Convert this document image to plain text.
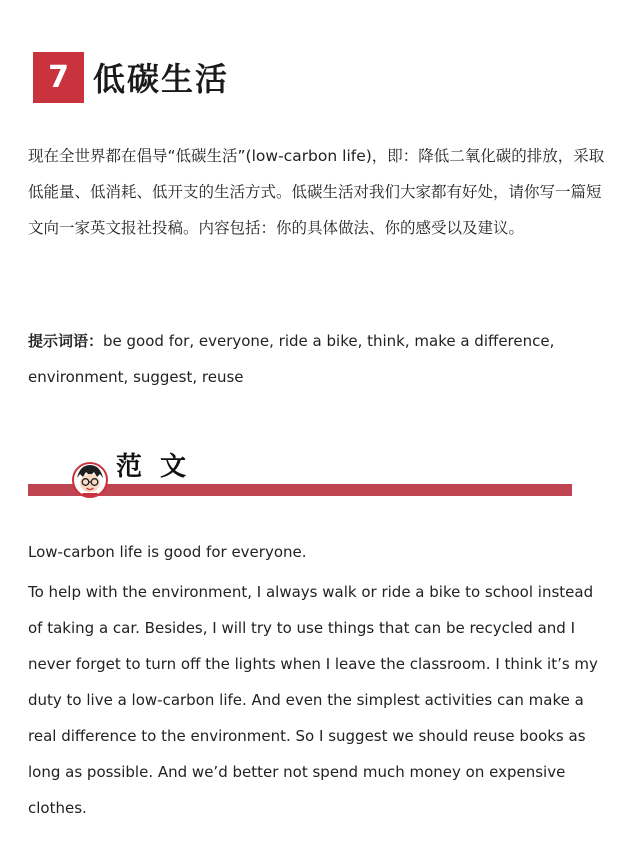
7 低碳生活

现在全世界都在倡导“低碳生活”(low-carbon life)，即：降低二氧化碳的排放，采取低能量、低消耗、低开支的生活方式。低碳生活对我们大家都有好处，请你写一篇短文向一家英文报社投稿。内容包括：你的具体做法、你的感受以及建议。

提示词语：be good for, everyone, ride a bike, think, make a difference, environment, suggest, reuse
范文

Low-carbon life is good for everyone.

To help with the environment, I always walk or ride a bike to school instead of taking a car. Besides, I will try to use things that can be recycled and I never forget to turn off the lights when I leave the classroom. I think it’s my duty to live a low-carbon life. And even the simplest activities can make a real difference to the environment. So I suggest we should reuse books as long as possible. And we’d better not spend much money on expensive clothes.
